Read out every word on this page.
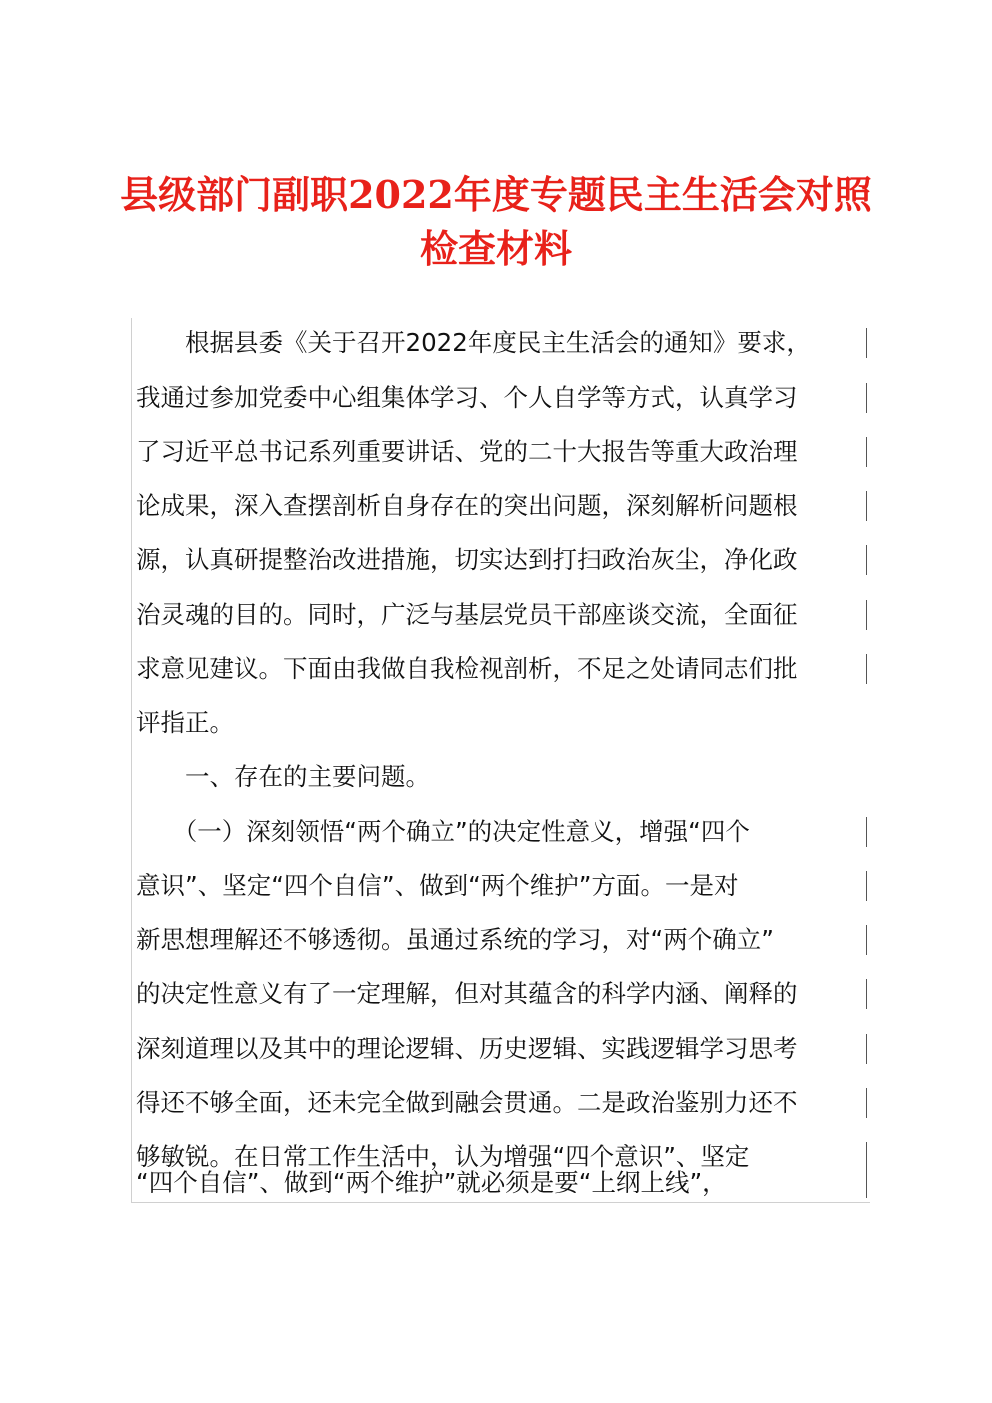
县级部门副职2022年度专题民主生活会对照
检查材料
　　根据县委《关于召开2022年度民主生活会的通知》要求，
我通过参加党委中心组集体学习、个人自学等方式，认真学习
了习近平总书记系列重要讲话、党的二十大报告等重大政治理
论成果，深入查摆剖析自身存在的突出问题，深刻解析问题根
源，认真研提整治改进措施，切实达到打扫政治灰尘，净化政
治灵魂的目的。同时，广泛与基层党员干部座谈交流，全面征
求意见建议。下面由我做自我检视剖析，不足之处请同志们批
评指正。
　　一、存在的主要问题。
　　（一）深刻领悟“两个确立”的决定性意义，增强“四个
意识”、坚定“四个自信”、做到“两个维护”方面。一是对
新思想理解还不够透彻。虽通过系统的学习，对“两个确立”
的决定性意义有了一定理解，但对其蕴含的科学内涵、阐释的
深刻道理以及其中的理论逻辑、历史逻辑、实践逻辑学习思考
得还不够全面，还未完全做到融会贯通。二是政治鉴别力还不
够敏锐。在日常工作生活中，认为增强“四个意识”、坚定
“四个自信”、做到“两个维护”就必须是要“上纲上线”，
